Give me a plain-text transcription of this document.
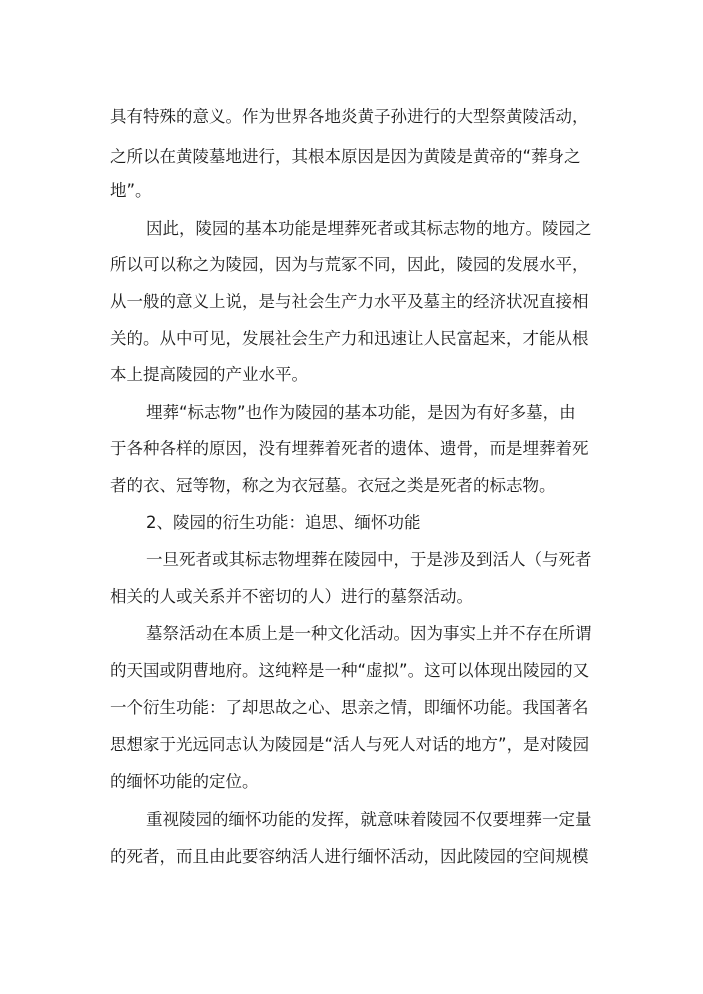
具有特殊的意义。作为世界各地炎黄子孙进行的大型祭黄陵活动，
之所以在黄陵墓地进行，其根本原因是因为黄陵是黄帝的“葬身之
地”。
因此，陵园的基本功能是埋葬死者或其标志物的地方。陵园之
所以可以称之为陵园，因为与荒冢不同，因此，陵园的发展水平，
从一般的意义上说，是与社会生产力水平及墓主的经济状况直接相
关的。从中可见，发展社会生产力和迅速让人民富起来，才能从根
本上提高陵园的产业水平。
埋葬“标志物”也作为陵园的基本功能，是因为有好多墓，由
于各种各样的原因，没有埋葬着死者的遗体、遗骨，而是埋葬着死
者的衣、冠等物，称之为衣冠墓。衣冠之类是死者的标志物。
2、陵园的衍生功能：追思、缅怀功能
一旦死者或其标志物埋葬在陵园中，于是涉及到活人（与死者
相关的人或关系并不密切的人）进行的墓祭活动。
墓祭活动在本质上是一种文化活动。因为事实上并不存在所谓
的天国或阴曹地府。这纯粹是一种“虚拟”。这可以体现出陵园的又
一个衍生功能：了却思故之心、思亲之情，即缅怀功能。我国著名
思想家于光远同志认为陵园是“活人与死人对话的地方”，是对陵园
的缅怀功能的定位。
重视陵园的缅怀功能的发挥，就意味着陵园不仅要埋葬一定量
的死者，而且由此要容纳活人进行缅怀活动，因此陵园的空间规模
